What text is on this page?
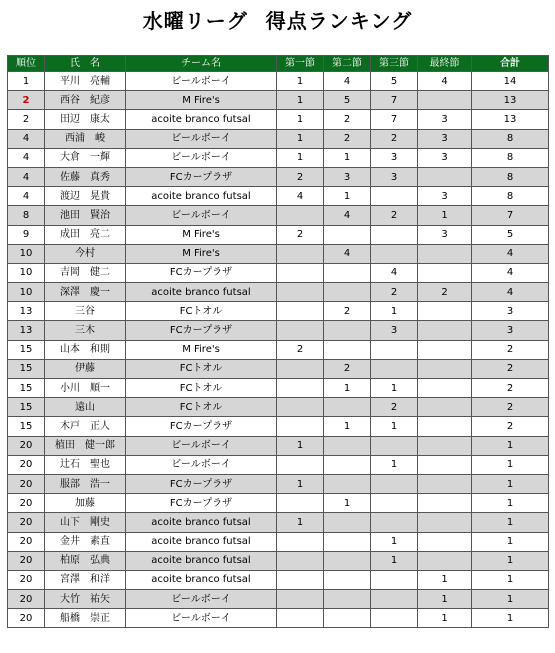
水曜リーグ 得点ランキング
順位	氏　名	チーム名	第一節	第二節	第三節	最終節	合計
1	平川 亮輔	ビールボーイ	1	4	5	4	14
2	西谷 紀彦	M Fire's	1	5	7		13
2	田辺 康太	acoite branco futsal	1	2	7	3	13
4	西浦 峻	ビールボーイ	1	2	2	3	8
4	大倉 一輝	ビールボーイ	1	1	3	3	8
4	佐藤 真秀	FCカープラザ	2	3	3		8
4	渡辺 晃貴	acoite branco futsal	4	1		3	8
8	池田 賢治	ビールボーイ		4	2	1	7
9	成田 亮二	M Fire's	2			3	5
10	今村	M Fire's		4			4
10	吉岡 健二	FCカープラザ			4		4
10	深澤 慶一	acoite branco futsal			2	2	4
13	三谷	FCトオル		2	1		3
13	三木	FCカープラザ			3		3
15	山本 和則	M Fire's	2				2
15	伊藤	FCトオル		2			2
15	小川 順一	FCトオル		1	1		2
15	遠山	FCトオル			2		2
15	木戸 正人	FCカープラザ		1	1		2
20	植田 健一郎	ビールボーイ	1				1
20	辻石 聖也	ビールボーイ			1		1
20	服部 浩一	FCカープラザ	1				1
20	加藤	FCカープラザ		1			1
20	山下 剛史	acoite branco futsal	1				1
20	金井 素直	acoite branco futsal			1		1
20	柏原 弘典	acoite branco futsal			1		1
20	宮澤 和洋	acoite branco futsal				1	1
20	大竹 祐矢	ビールボーイ				1	1
20	船橋 崇正	ビールボーイ				1	1
